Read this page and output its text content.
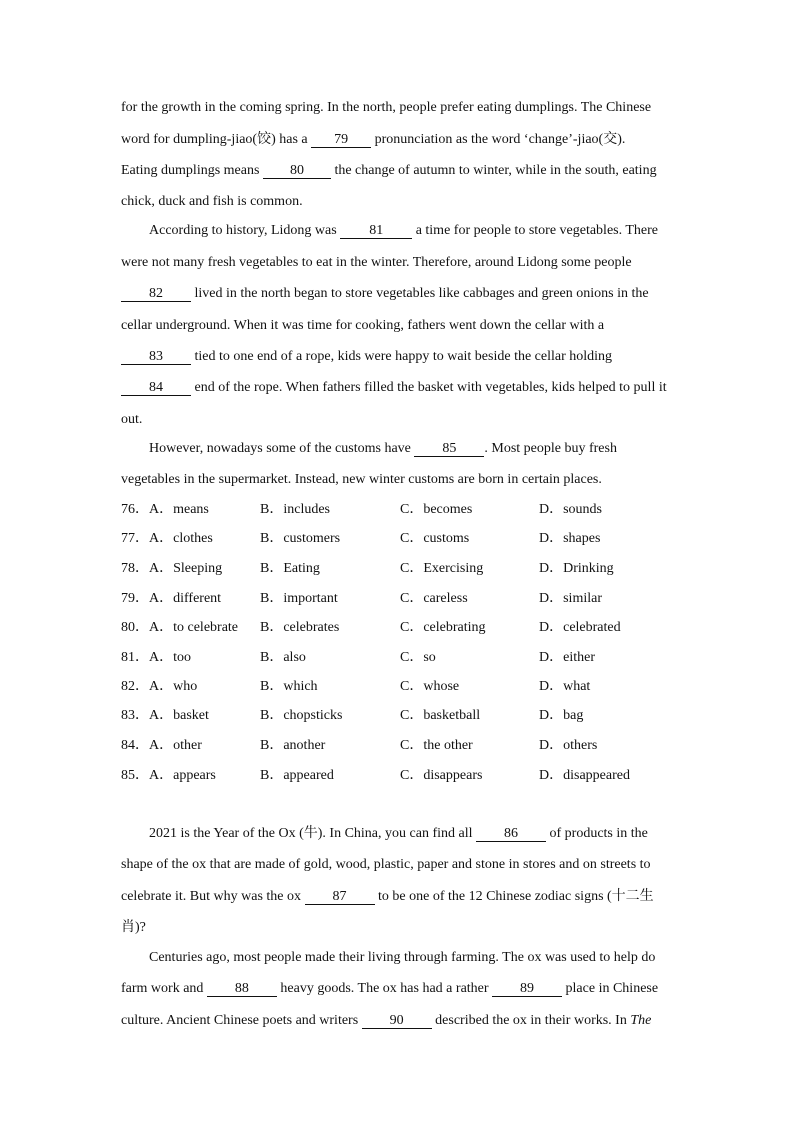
for the growth in the coming spring. In the north, people prefer eating dumplings. The Chinese
word for dumpling-jiao(饺) has a 79 pronunciation as the word ‘change’-jiao(交).
Eating dumplings means 80 the change of autumn to winter, while in the south, eating
chick, duck and fish is common.
According to history, Lidong was 81 a time for people to store vegetables. There
were not many fresh vegetables to eat in the winter. Therefore, around Lidong some people
82 lived in the north began to store vegetables like cabbages and green onions in the
cellar underground. When it was time for cooking, fathers went down the cellar with a
83 tied to one end of a rope, kids were happy to wait beside the cellar holding
84 end of the rope. When fathers filled the basket with vegetables, kids helped to pull it
out.
However, nowadays some of the customs have 85 . Most people buy fresh
vegetables in the supermarket. Instead, new winter customs are born in certain places.
76．A．means	B．includes	C．becomes	D．sounds
77．A．clothes	B．customers	C．customs	D．shapes
78．A．Sleeping	B．Eating	C．Exercising	D．Drinking
79．A．different	B．important	C．careless	D．similar
80．A．to celebrate B．celebrates	C．celebrating	D．celebrated
81．A．too	B．also	C．so	D．either
82．A．who	B．which	C．whose	D．what
83．A．basket	B．chopsticks	C．basketball	D．bag
84．A．other	B．another	C．the other	D．others
85．A．appears	B．appeared	C．disappears	D．disappeared
2021 is the Year of the Ox (牛). In China, you can find all 86 of products in the
shape of the ox that are made of gold, wood, plastic, paper and stone in stores and on streets to
celebrate it. But why was the ox 87 to be one of the 12 Chinese zodiac signs (十二生
肖)?
Centuries ago, most people made their living through farming. The ox was used to help do
farm work and 88 heavy goods. The ox has had a rather 89 place in Chinese
culture. Ancient Chinese poets and writers 90 described the ox in their works. In The
